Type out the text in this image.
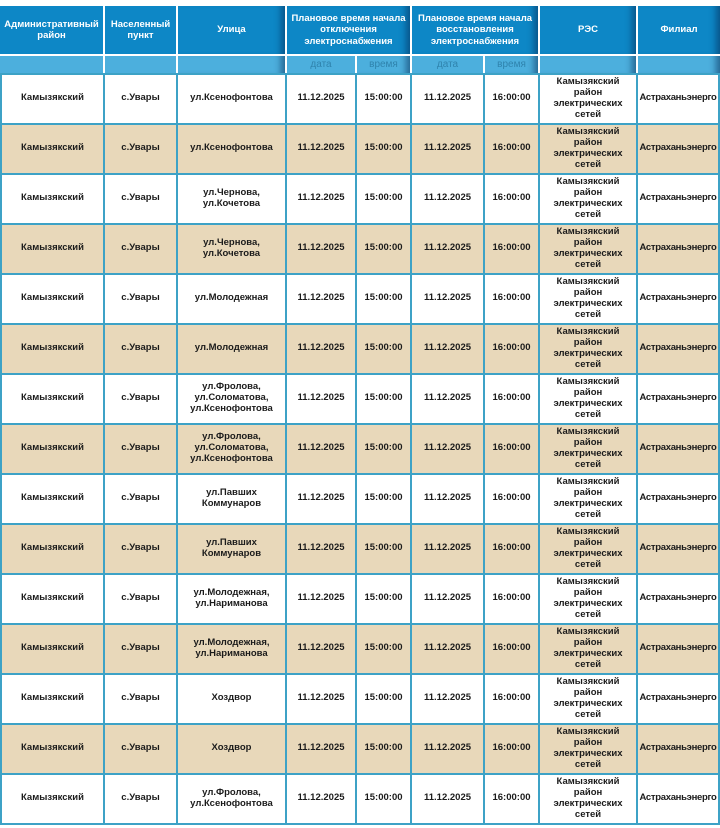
Административный район	Населенный пункт	Улица	Плановое время начала отключения электроснабжения		Плановое время начала восстановления электроснабжения		РЭС	Филиал
			дата	время	дата	время		
Камызякский	с.Увары	ул.Ксенофонтова	11.12.2025	15:00:00	11.12.2025	16:00:00	Камызякский район электрических сетей	Астраханьэнерго
Камызякский	с.Увары	ул.Ксенофонтова	11.12.2025	15:00:00	11.12.2025	16:00:00	Камызякский район электрических сетей	Астраханьэнерго
Камызякский	с.Увары	ул.Чернова, ул.Кочетова	11.12.2025	15:00:00	11.12.2025	16:00:00	Камызякский район электрических сетей	Астраханьэнерго
Камызякский	с.Увары	ул.Чернова, ул.Кочетова	11.12.2025	15:00:00	11.12.2025	16:00:00	Камызякский район электрических сетей	Астраханьэнерго
Камызякский	с.Увары	ул.Молодежная	11.12.2025	15:00:00	11.12.2025	16:00:00	Камызякский район электрических сетей	Астраханьэнерго
Камызякский	с.Увары	ул.Молодежная	11.12.2025	15:00:00	11.12.2025	16:00:00	Камызякский район электрических сетей	Астраханьэнерго
Камызякский	с.Увары	ул.Фролова, ул.Соломатова, ул.Ксенофонтова	11.12.2025	15:00:00	11.12.2025	16:00:00	Камызякский район электрических сетей	Астраханьэнерго
Камызякский	с.Увары	ул.Фролова, ул.Соломатова, ул.Ксенофонтова	11.12.2025	15:00:00	11.12.2025	16:00:00	Камызякский район электрических сетей	Астраханьэнерго
Камызякский	с.Увары	ул.Павших Коммунаров	11.12.2025	15:00:00	11.12.2025	16:00:00	Камызякский район электрических сетей	Астраханьэнерго
Камызякский	с.Увары	ул.Павших Коммунаров	11.12.2025	15:00:00	11.12.2025	16:00:00	Камызякский район электрических сетей	Астраханьэнерго
Камызякский	с.Увары	ул.Молодежная, ул.Нариманова	11.12.2025	15:00:00	11.12.2025	16:00:00	Камызякский район электрических сетей	Астраханьэнерго
Камызякский	с.Увары	ул.Молодежная, ул.Нариманова	11.12.2025	15:00:00	11.12.2025	16:00:00	Камызякский район электрических сетей	Астраханьэнерго
Камызякский	с.Увары	Хоздвор	11.12.2025	15:00:00	11.12.2025	16:00:00	Камызякский район электрических сетей	Астраханьэнерго
Камызякский	с.Увары	Хоздвор	11.12.2025	15:00:00	11.12.2025	16:00:00	Камызякский район электрических сетей	Астраханьэнерго
Камызякский	с.Увары	ул.Фролова, ул.Ксенофонтова	11.12.2025	15:00:00	11.12.2025	16:00:00	Камызякский район электрических сетей	Астраханьэнерго
